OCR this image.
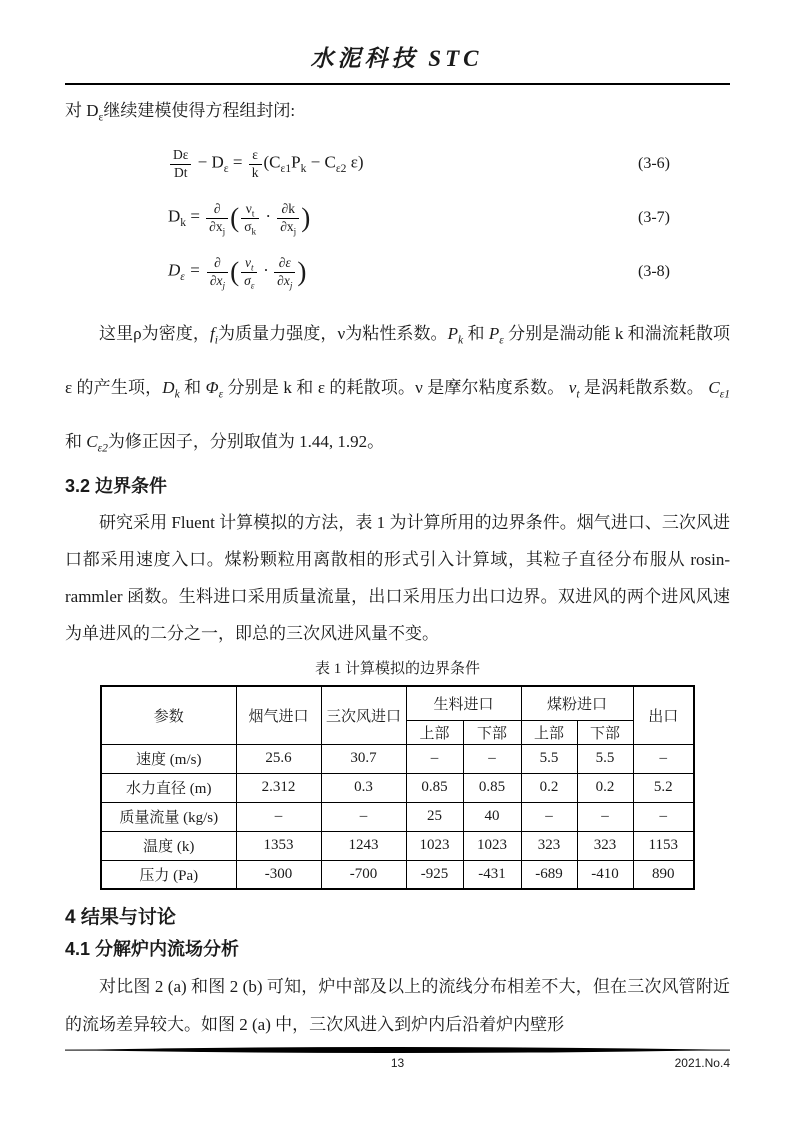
水泥科技 STC
对 $D_\varepsilon$继续建模使得方程组封闭:
$\frac{D\varepsilon}{Dt} - D_\varepsilon = \frac{\varepsilon}{k} (C_{\varepsilon 1}P_k - C_{\varepsilon 2}$ ε)	(3-6)
$D_k = \frac{\partial}{\partial x_j}$ ( $\frac{\nu_t}{\sigma_k} \cdot \frac{\partial k}{\partial x_j}$ )	(3-7)
$D_\varepsilon = \frac{\partial}{\partial x_j}$ ( $\frac{\nu_t}{\sigma_\varepsilon} \cdot \frac{\partial\varepsilon}{\partial x_j}$ )	(3-8)
这里ρ为密度，$f_i$为质量力强度，ν为粘性系数。$P_k$ 和 $P_\varepsilon$ 分别是湍动能 k 和湍流耗散项 ε 的产生项，$D_k$ 和 $\Phi_\varepsilon$ 分别是 k 和 ε 的耗散项。ν 是摩尔粘度系数。 $\nu_t$ 是涡耗散系数。 $C_{\varepsilon 1}$ 和 $C_{\varepsilon 2}$为修正因子，分别取值为 1.44, 1.92。
3.2 边界条件
研究采用 Fluent 计算模拟的方法，表 1 为计算所用的边界条件。烟气进口、三次风进口都采用速度入口。煤粉颗粒用离散相的形式引入计算域，其粒子直径分布服从 rosin-rammler 函数。生料进口采用质量流量，出口采用压力出口边界。双进风的两个进风风速为单进风的二分之一，即总的三次风进风量不变。
表 1 计算模拟的边界条件
参数	烟气进口	三次风进口	生料进口		煤粉进口		出口
			上部	下部	上部	下部	
速度 (m/s)	25.6	30.7	–	–	5.5	5.5	–
水力直径 (m)	2.312	0.3	0.85	0.85	0.2	0.2	5.2
质量流量 (kg/s)	–	–	25	40	–	–	–
温度 (k)	1353	1243	1023	1023	323	323	1153
压力 (Pa)	-300	-700	-925	-431	-689	-410	890
4 结果与讨论
4.1 分解炉内流场分析
对比图 2 (a) 和图 2 (b) 可知，炉中部及以上的流线分布相差不大，但在三次风管附近的流场差异较大。如图 2 (a) 中，三次风进入到炉内后沿着炉内壁形
13	2021.No.4
